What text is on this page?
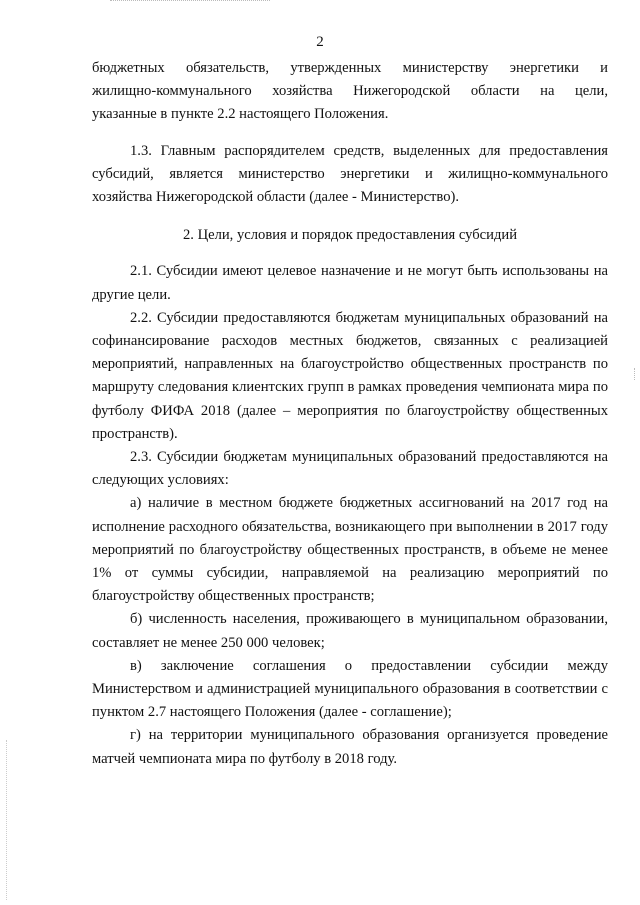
2

бюджетных обязательств, утвержденных министерству энергетики и

жилищно-коммунального хозяйства Нижегородской области на цели,

указанные в пункте 2.2 настоящего Положения.

1.3. Главным распорядителем средств, выделенных для предоставления субсидий, является министерство энергетики и жилищно-коммунального хозяйства Нижегородской области (далее - Министерство).

2. Цели, условия и порядок предоставления субсидий

2.1. Субсидии имеют целевое назначение и не могут быть использованы на другие цели.

2.2. Субсидии предоставляются бюджетам муниципальных образований на софинансирование расходов местных бюджетов, связанных с реализацией мероприятий, направленных на благоустройство общественных пространств по маршруту следования клиентских групп в рамках проведения чемпионата мира по футболу ФИФА 2018 (далее – мероприятия по благоустройству общественных пространств).

2.3. Субсидии бюджетам муниципальных образований предоставляются на следующих условиях:

а) наличие в местном бюджете бюджетных ассигнований на 2017 год на исполнение расходного обязательства, возникающего при выполнении в 2017 году мероприятий по благоустройству общественных пространств, в объеме не менее 1% от суммы субсидии, направляемой на реализацию мероприятий по благоустройству общественных пространств;

б) численность населения, проживающего в муниципальном образовании, составляет не менее 250 000 человек;

в) заключение соглашения о предоставлении субсидии между Министерством и администрацией муниципального образования в соответствии с пунктом 2.7 настоящего Положения (далее - соглашение);

г) на территории муниципального образования организуется проведение матчей чемпионата мира по футболу в 2018 году.
